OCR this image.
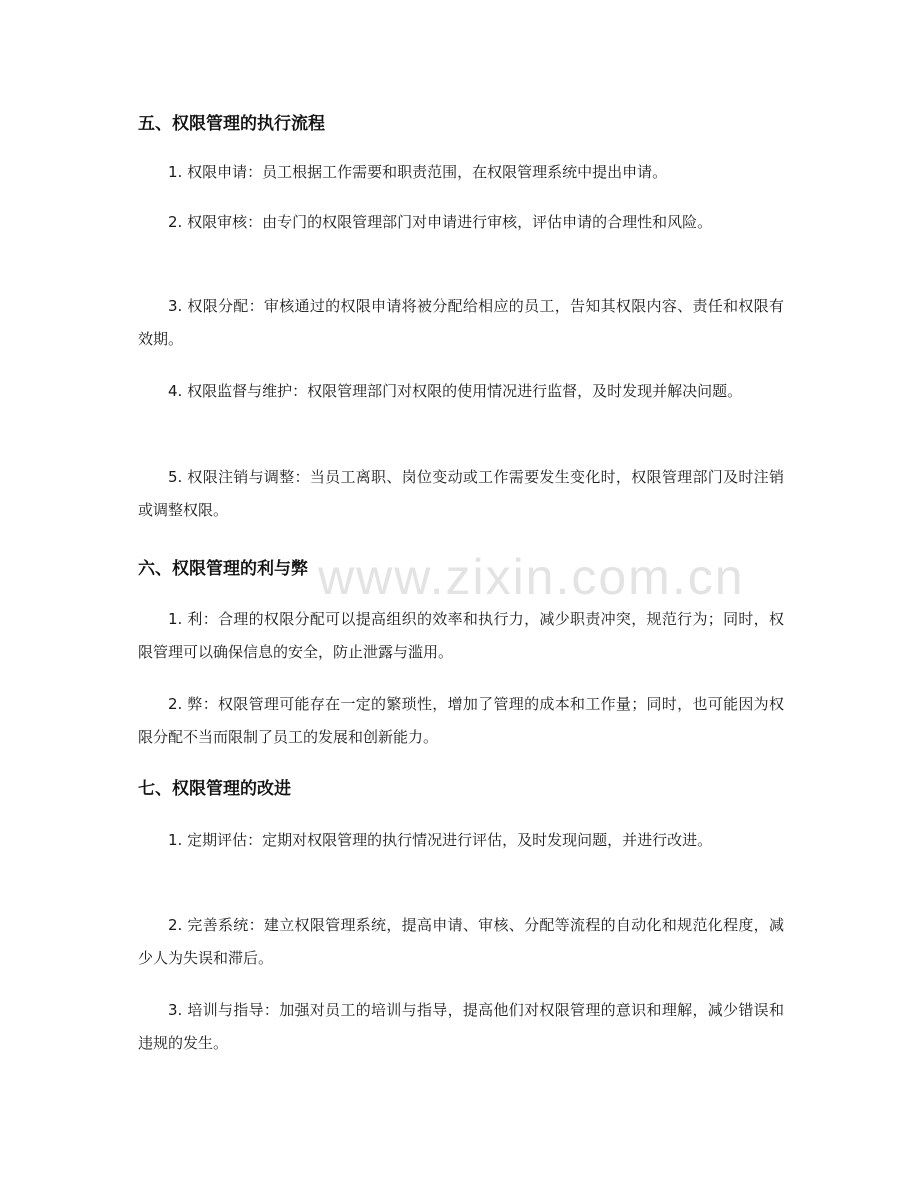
www.zixin.com.cn
五、权限管理的执行流程
1. 权限申请：员工根据工作需要和职责范围，在权限管理系统中提出申请。
2. 权限审核：由专门的权限管理部门对申请进行审核，评估申请的合理性和风险。
3. 权限分配：审核通过的权限申请将被分配给相应的员工，告知其权限内容、责任和权限有效期。
4. 权限监督与维护：权限管理部门对权限的使用情况进行监督，及时发现并解决问题。
5. 权限注销与调整：当员工离职、岗位变动或工作需要发生变化时，权限管理部门及时注销或调整权限。
六、权限管理的利与弊
1. 利：合理的权限分配可以提高组织的效率和执行力，减少职责冲突，规范行为；同时，权限管理可以确保信息的安全，防止泄露与滥用。
2. 弊：权限管理可能存在一定的繁琐性，增加了管理的成本和工作量；同时，也可能因为权限分配不当而限制了员工的发展和创新能力。
七、权限管理的改进
1. 定期评估：定期对权限管理的执行情况进行评估，及时发现问题，并进行改进。
2. 完善系统：建立权限管理系统，提高申请、审核、分配等流程的自动化和规范化程度，减少人为失误和滞后。
3. 培训与指导：加强对员工的培训与指导，提高他们对权限管理的意识和理解，减少错误和违规的发生。
